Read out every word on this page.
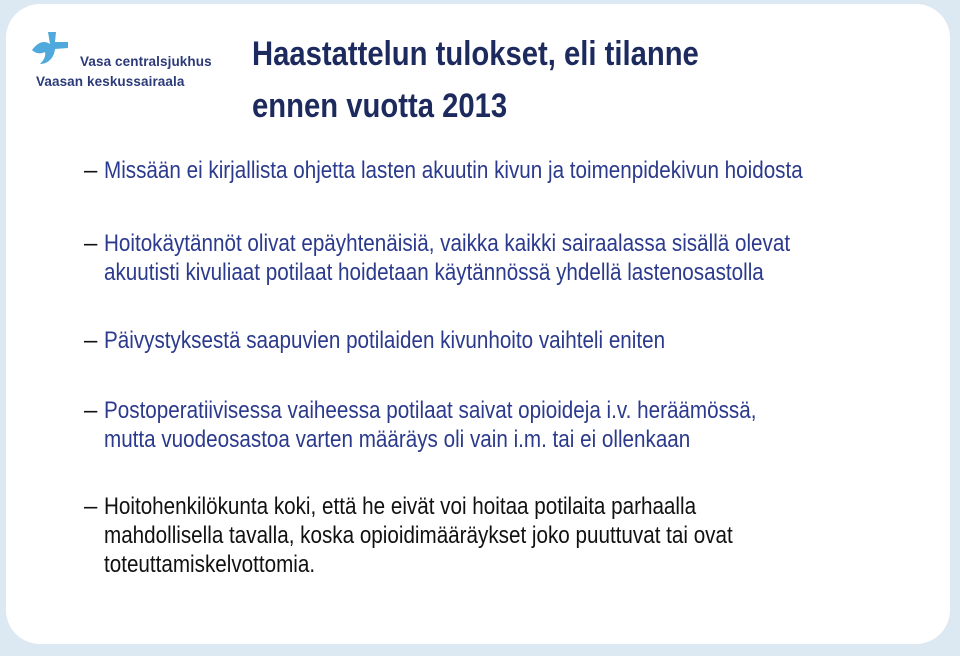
Vasa centralsjukhus
Vaasan keskussairaala
Haastattelun tulokset, eli tilanne
ennen vuotta 2013
– Missään ei kirjallista ohjetta lasten akuutin kivun ja toimenpidekivun hoidosta
– Hoitokäytännöt olivat epäyhtenäisiä, vaikka kaikki sairaalassa sisällä olevat
akuutisti kivuliaat potilaat hoidetaan käytännössä yhdellä lastenosastolla
– Päivystyksestä saapuvien potilaiden kivunhoito vaihteli eniten
– Postoperatiivisessa vaiheessa potilaat saivat opioideja i.v. heräämössä,
mutta vuodeosastoa varten määräys oli vain i.m. tai ei ollenkaan
– Hoitohenkilökunta koki, että he eivät voi hoitaa potilaita parhaalla
mahdollisella tavalla, koska opioidimääräykset joko puuttuvat tai ovat
toteuttamiskelvottomia.
